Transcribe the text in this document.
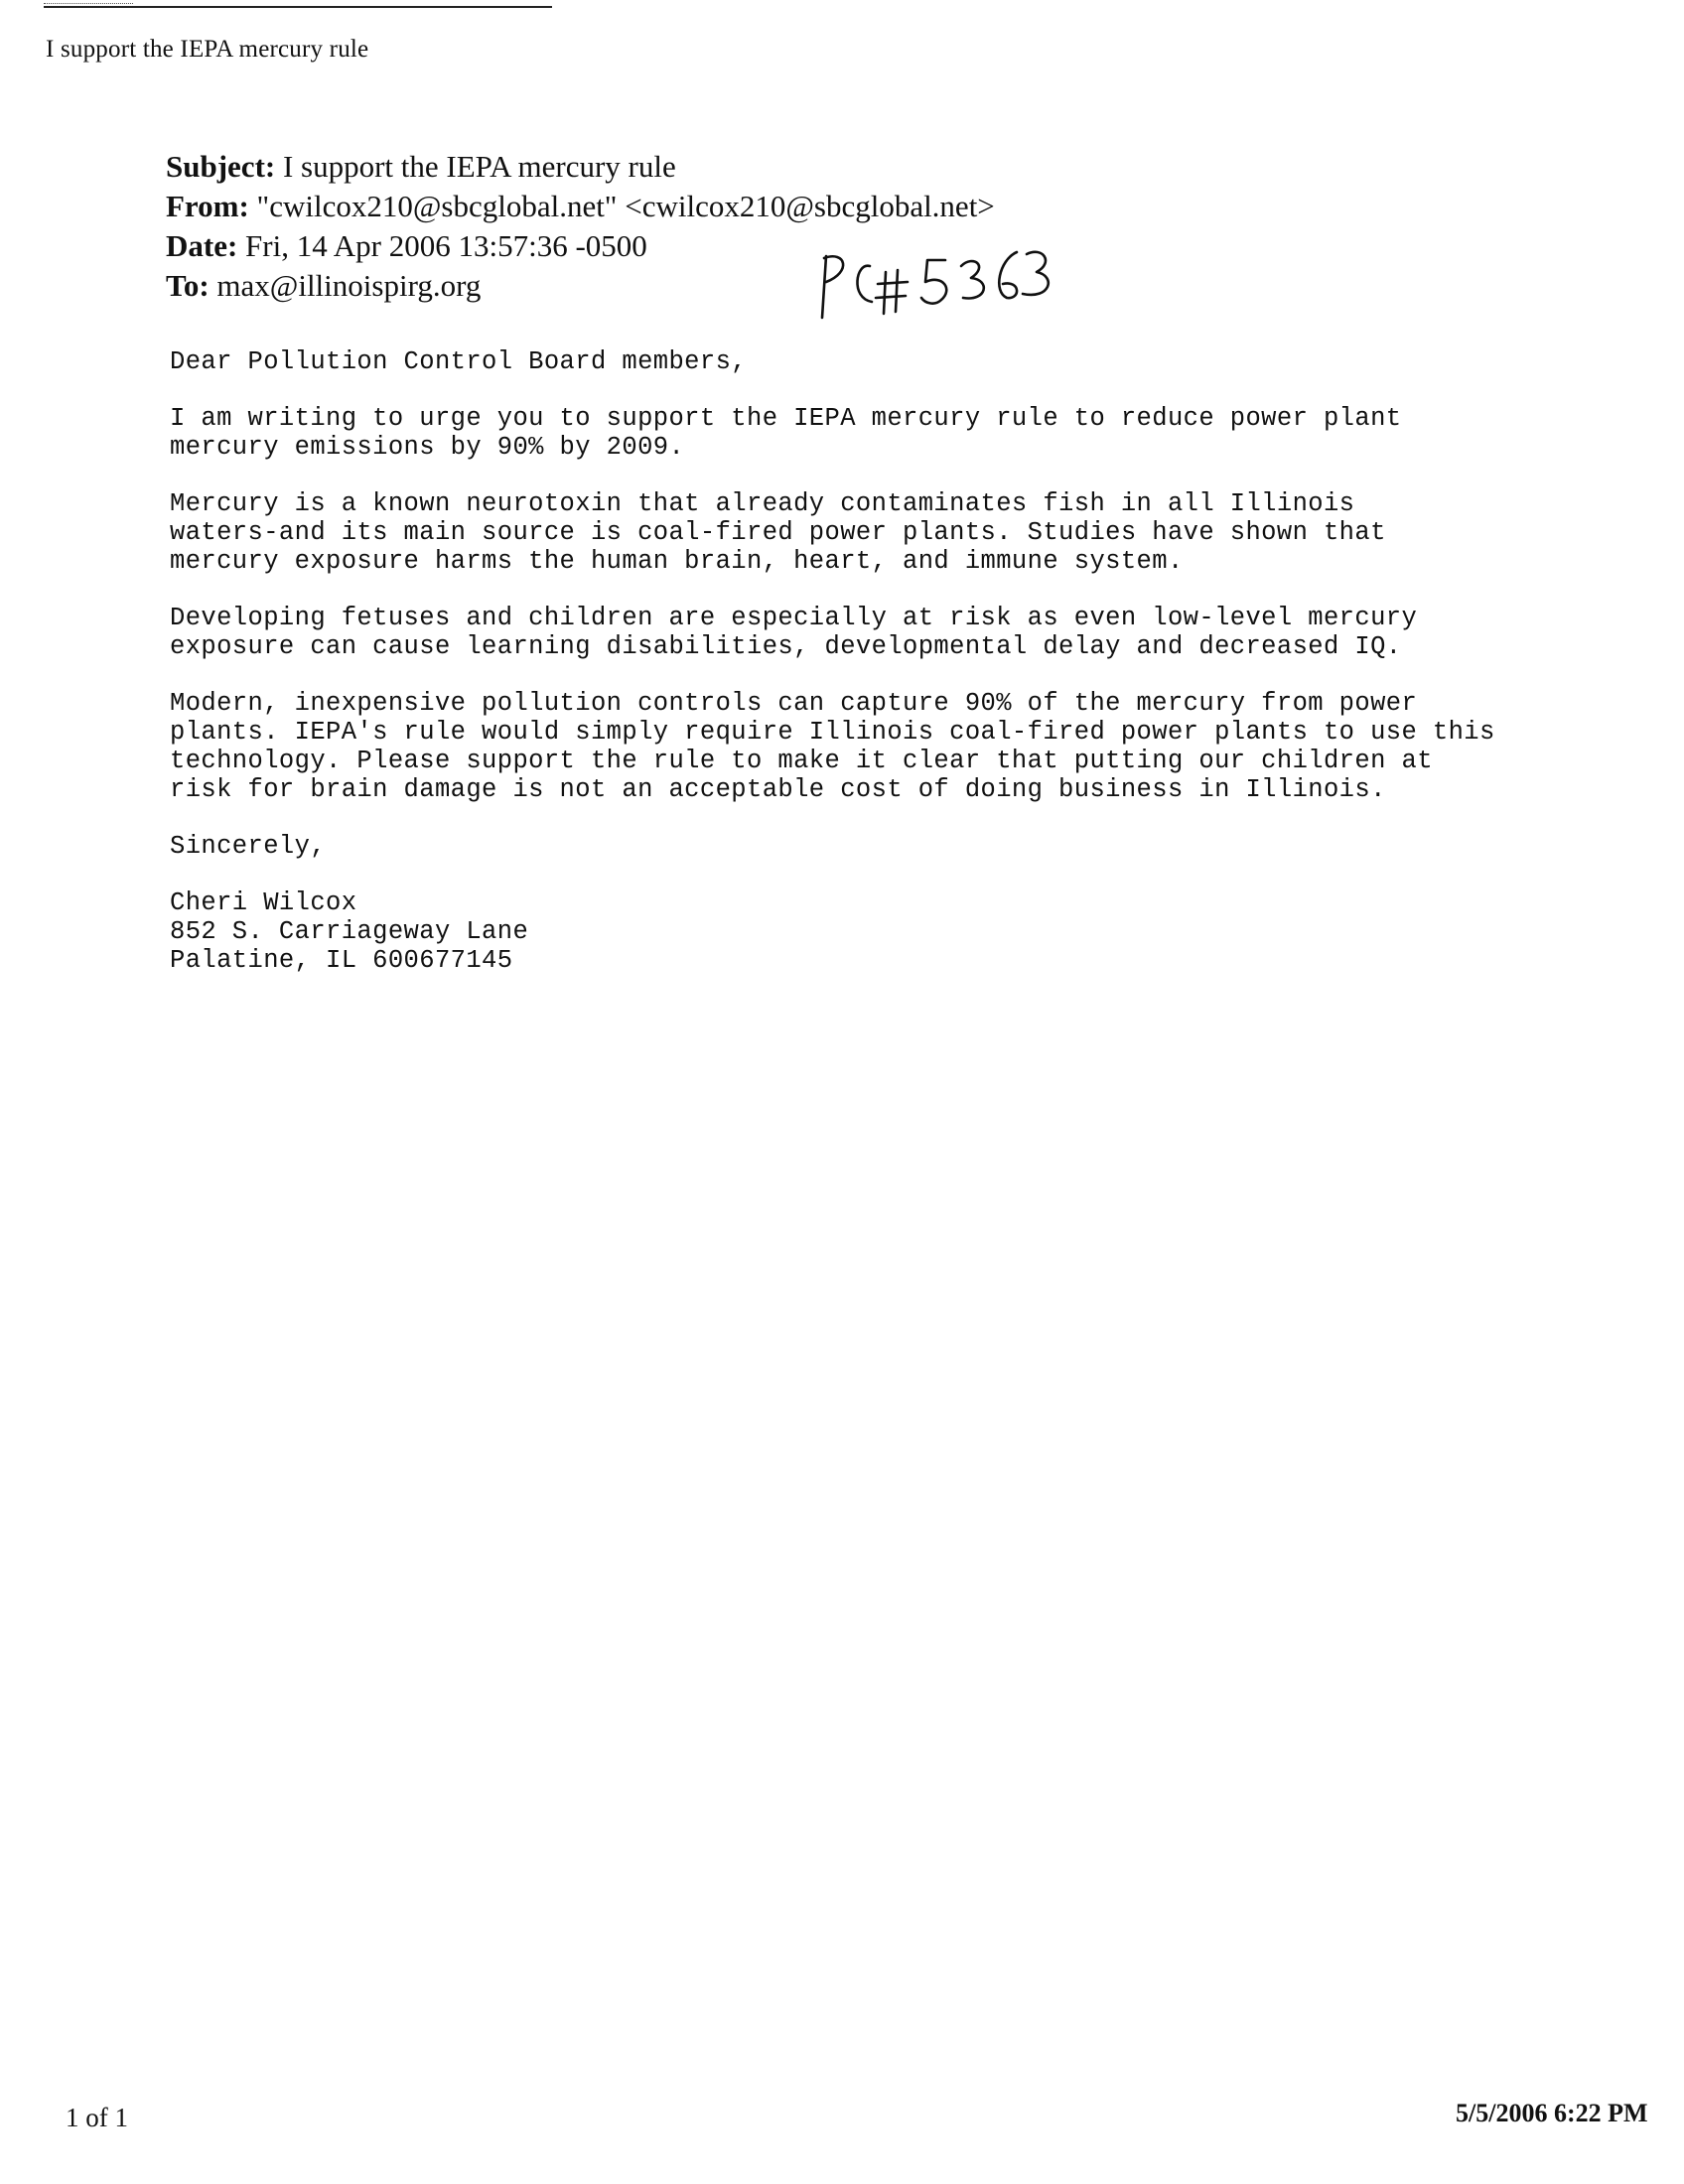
I support the IEPA mercury rule
Subject: I support the IEPA mercury rule
From: "cwilcox210@sbcglobal.net" <cwilcox210@sbcglobal.net>
Date: Fri, 14 Apr 2006 13:57:36 -0500
To: max@illinoispirg.org

Dear Pollution Control Board members,

I am writing to urge you to support the IEPA mercury rule to reduce power plant
mercury emissions by 90% by 2009.

Mercury is a known neurotoxin that already contaminates fish in all Illinois
waters-and its main source is coal-fired power plants. Studies have shown that
mercury exposure harms the human brain, heart, and immune system.

Developing fetuses and children are especially at risk as even low-level mercury
exposure can cause learning disabilities, developmental delay and decreased IQ.

Modern, inexpensive pollution controls can capture 90% of the mercury from power
plants. IEPA's rule would simply require Illinois coal-fired power plants to use this
technology. Please support the rule to make it clear that putting our children at
risk for brain damage is not an acceptable cost of doing business in Illinois.

Sincerely,

Cheri Wilcox

852 S. Carriageway Lane

Palatine, IL 600677145

1 of 1	5/5/2006 6:22 PM
